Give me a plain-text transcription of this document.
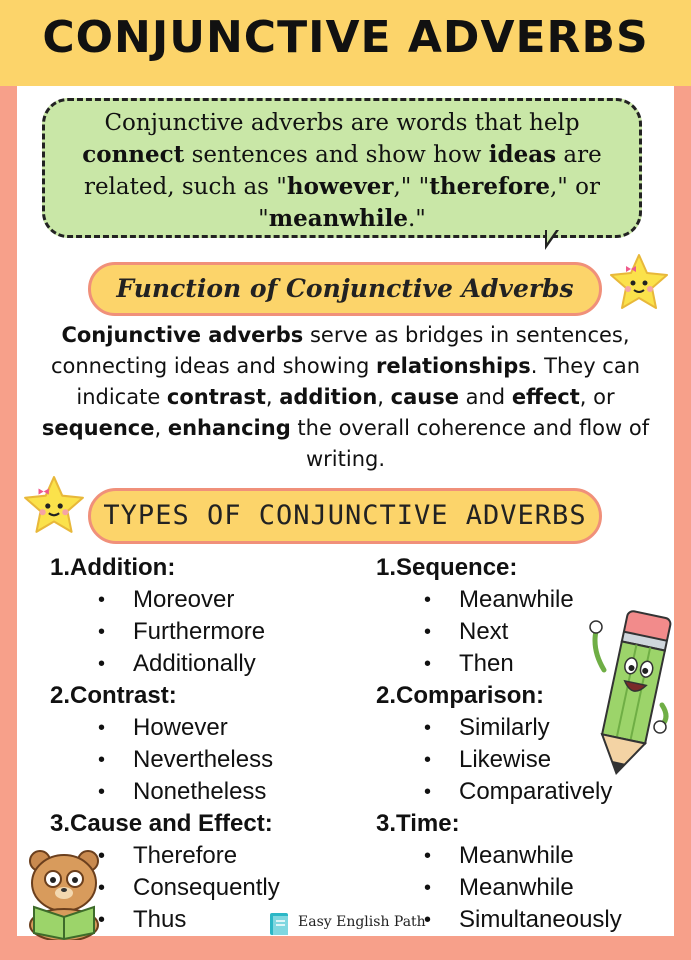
CONJUNCTIVE ADVERBS
Conjunctive adverbs are words that help connect sentences and show how ideas are related, such as "however," "therefore," or "meanwhile."
Function of Conjunctive Adverbs
Conjunctive adverbs serve as bridges in sentences, connecting ideas and showing relationships. They can indicate contrast, addition, cause and effect, or sequence, enhancing the overall coherence and flow of writing.
TYPES OF CONJUNCTIVE ADVERBS
1.Addition:
• Moreover
• Furthermore
• Additionally
2.Contrast:
• However
• Nevertheless
• Nonetheless
3.Cause and Effect:
• Therefore
• Consequently
• Thus
1.Sequence:
• Meanwhile
• Next
• Then
2.Comparison:
• Similarly
• Likewise
• Comparatively
3.Time:
• Meanwhile
• Meanwhile
• Simultaneously
Easy English Path
